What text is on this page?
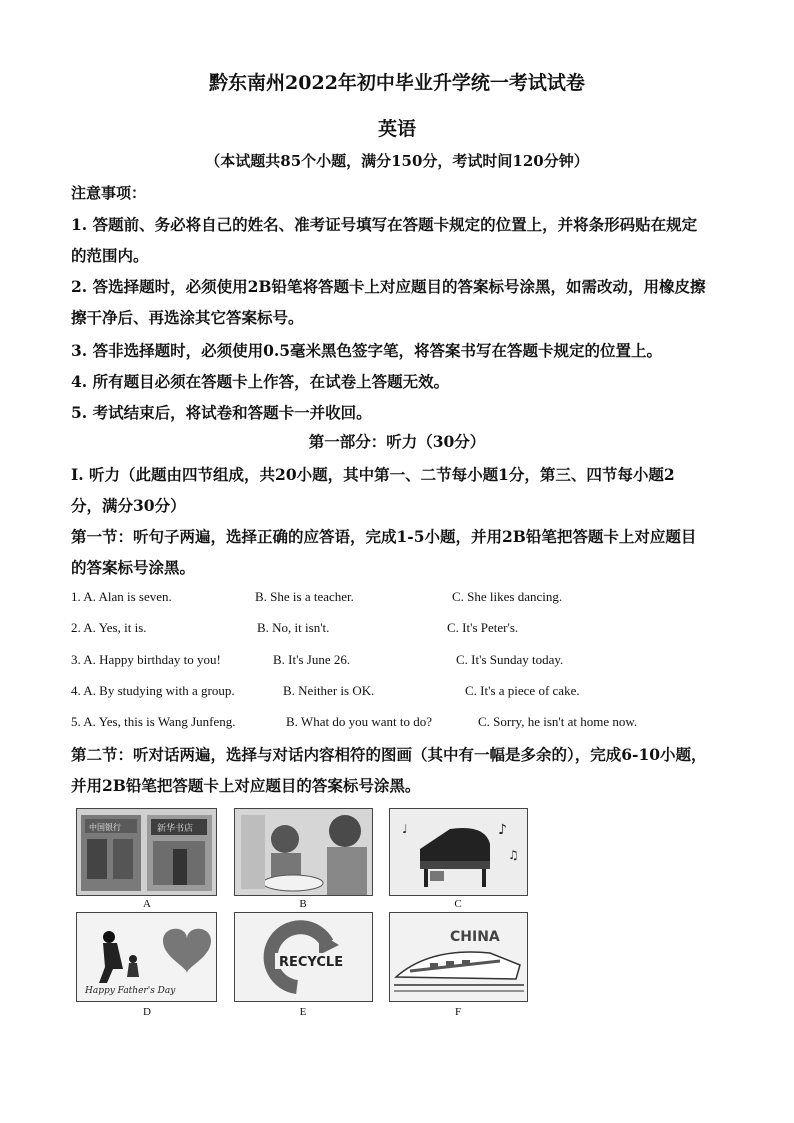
黔东南州2022年初中毕业升学统一考试试卷
英语
（本试题共85个小题，满分150分，考试时间120分钟）
注意事项：
1. 答题前、务必将自己的姓名、准考证号填写在答题卡规定的位置上，并将条形码贴在规定
的范围内。
2. 答选择题时，必须使用2B铅笔将答题卡上对应题目的答案标号涂黑，如需改动，用橡皮擦
擦干净后、再选涂其它答案标号。
3. 答非选择题时，必须使用0.5毫米黑色签字笔，将答案书写在答题卡规定的位置上。
4. 所有题目必须在答题卡上作答，在试卷上答题无效。
5. 考试结束后，将试卷和答题卡一并收回。
第一部分：听力（30分）
Ⅰ. 听力（此题由四节组成，共20小题，其中第一、二节每小题1分，第三、四节每小题2
分，满分30分）
第一节：听句子两遍，选择正确的应答语，完成1-5小题，并用2B铅笔把答题卡上对应题目
的答案标号涂黑。
1. A. Alan is seven.	B. She is a teacher.	C. She likes dancing.
2. A. Yes, it is.	B. No, it isn't.	C. It's Peter's.
3. A. Happy birthday to you!	B. It's June 26.	C. It's Sunday today.
4. A. By studying with a group.	B. Neither is OK.	C. It's a piece of cake.
5. A. Yes, this is Wang Junfeng.	B. What do you want to do?	C. Sorry, he isn't at home now.
第二节：听对话两遍，选择与对话内容相符的图画（其中有一幅是多余的），完成6-10小题，
并用2B铅笔把答题卡上对应题目的答案标号涂黑。
中国银行	新华书店
A	B
♪
♫
♩
C
Happy Father's Day
D
RECYCLE
E
CHINA
F
